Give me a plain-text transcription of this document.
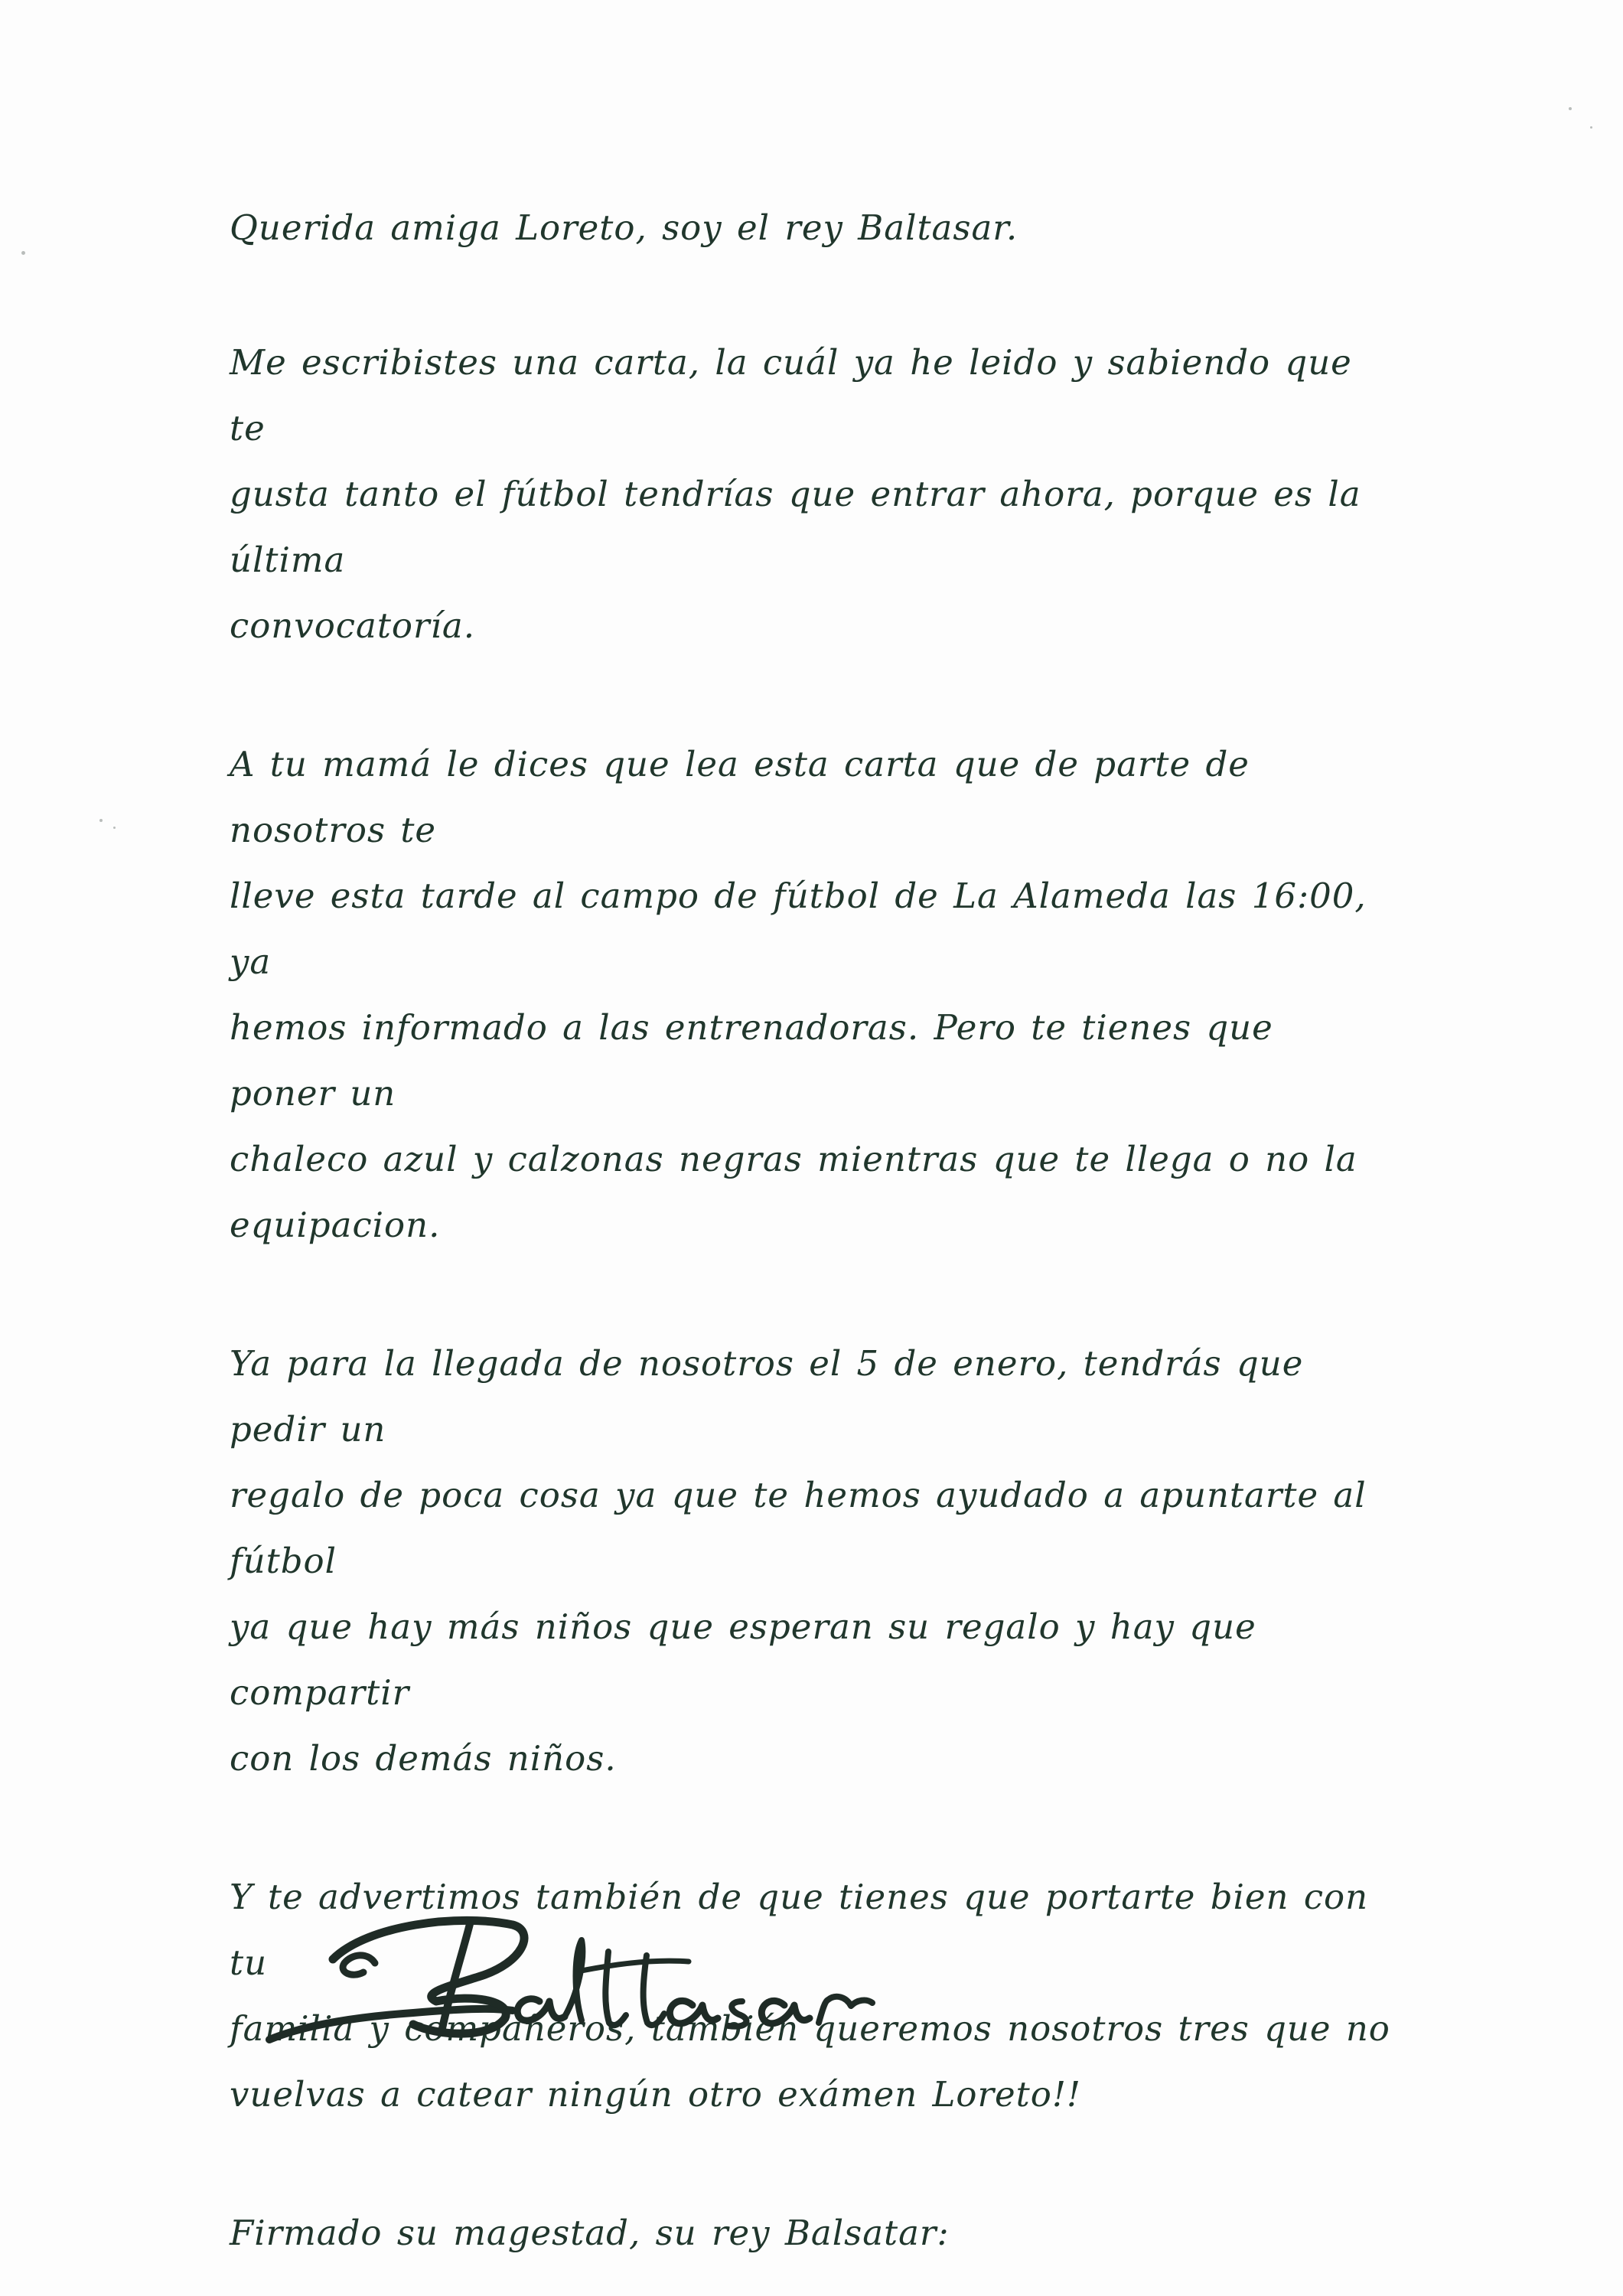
Querida amiga Loreto, soy el rey Baltasar.

Me escribistes una carta, la cuál ya he leido y sabiendo que te
gusta tanto el fútbol tendrías que entrar ahora, porque es la última
convocatoría.

A tu mamá le dices que lea esta carta que de parte de nosotros te
lleve esta tarde al campo de fútbol de La Alameda las 16:00, ya
hemos informado a las entrenadoras. Pero te tienes que poner un
chaleco azul y calzonas negras mientras que te llega o no la
equipacion.

Ya para la llegada de nosotros el 5 de enero, tendrás que pedir un
regalo de poca cosa ya que te hemos ayudado a apuntarte al fútbol
ya que hay más niños que esperan su regalo y hay que compartir
con los demás niños.

Y te advertimos también de que tienes que portarte bien con tu
familia y compañeros, también queremos nosotros tres que no
vuelvas a catear ningún otro exámen Loreto!!

Firmado su magestad, su rey Balsatar:
